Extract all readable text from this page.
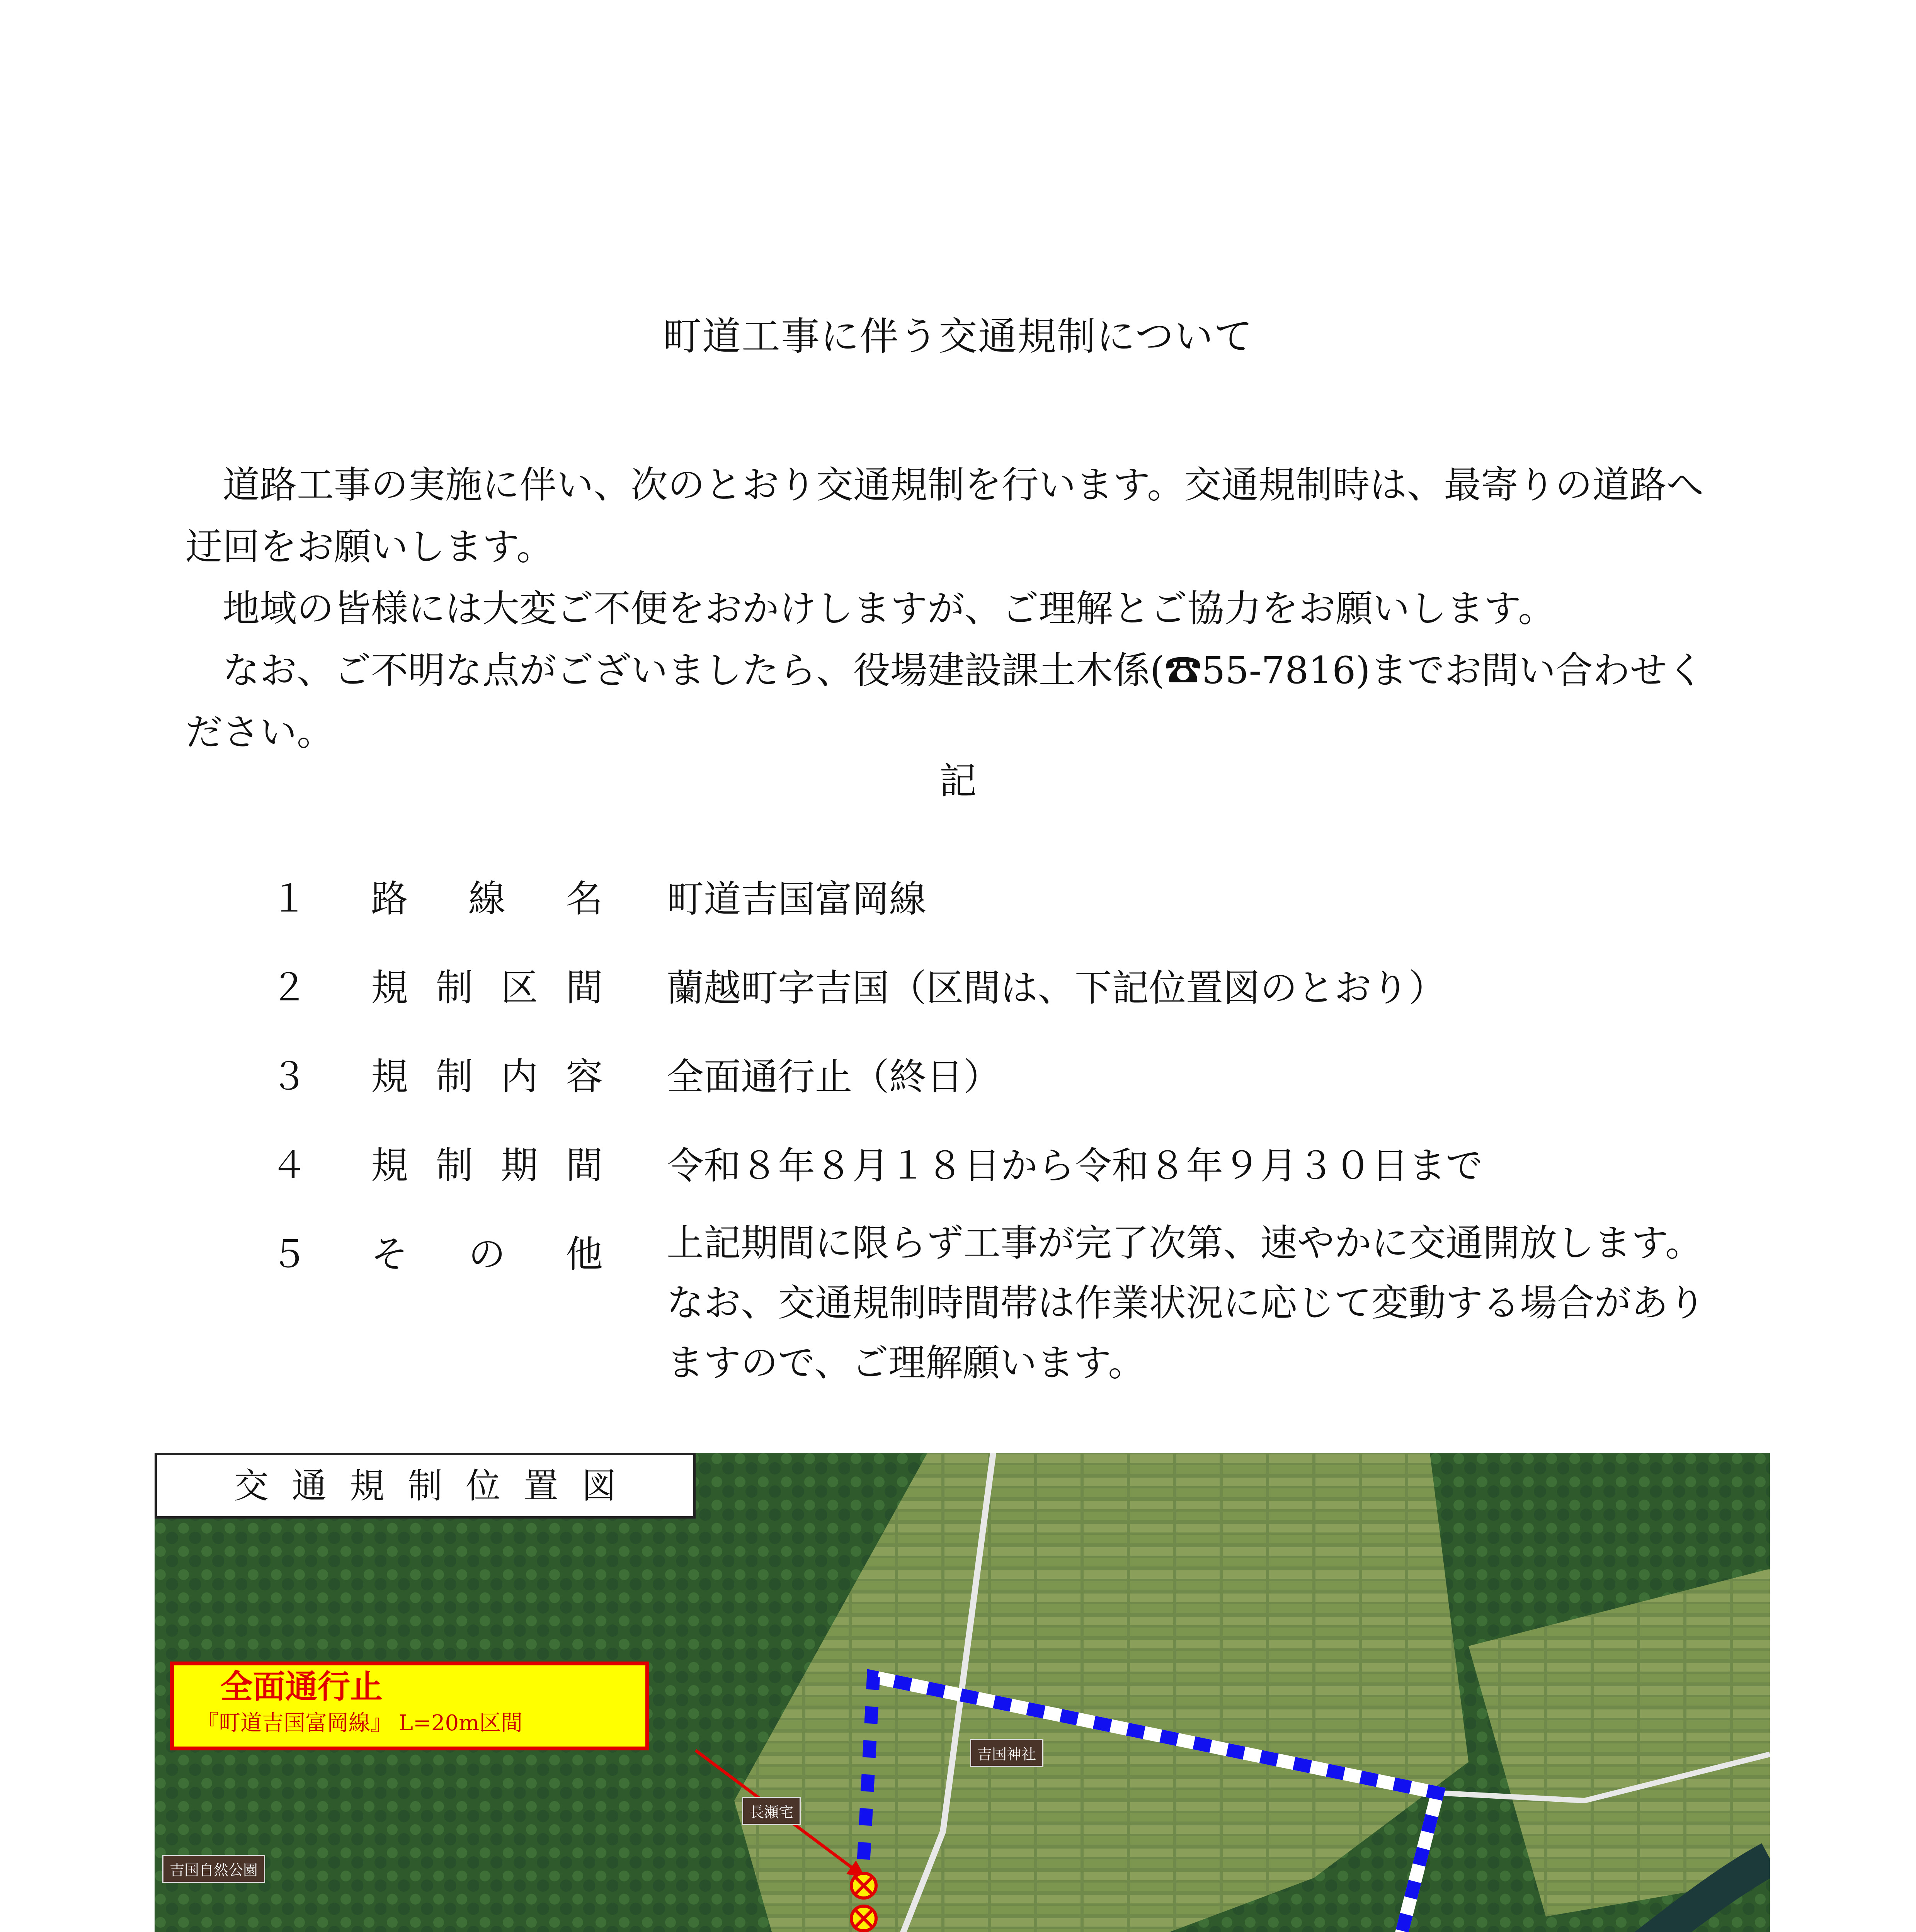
町道工事に伴う交通規制について
　道路工事の実施に伴い、次のとおり交通規制を行います。交通規制時は、最寄りの道路へ迂回をお願いします。
　地域の皆様には大変ご不便をおかけしますが、ご理解とご協力をお願いします。
　なお、ご不明な点がございましたら、役場建設課土木係(☎55-7816)までお問い合わせください。
記
１ 路 線 名 町道吉国富岡線
２ 規 制 区 間 蘭越町字吉国（区間は、下記位置図のとおり）
３ 規 制 内 容 全面通行止（終日）
４ 規 制 期 間 令和８年８月１８日から令和８年９月３０日まで
５ そ の 他 上記期間に限らず工事が完了次第、速やかに交通開放します。
なお、交通規制時間帯は作業状況に応じて変動する場合があり
ますので、ご理解願います。
交通規制位置図
全面通行止
『町道吉国富岡線』 L=20m区間
吉国神社
長瀬宅
吉国自然公園
